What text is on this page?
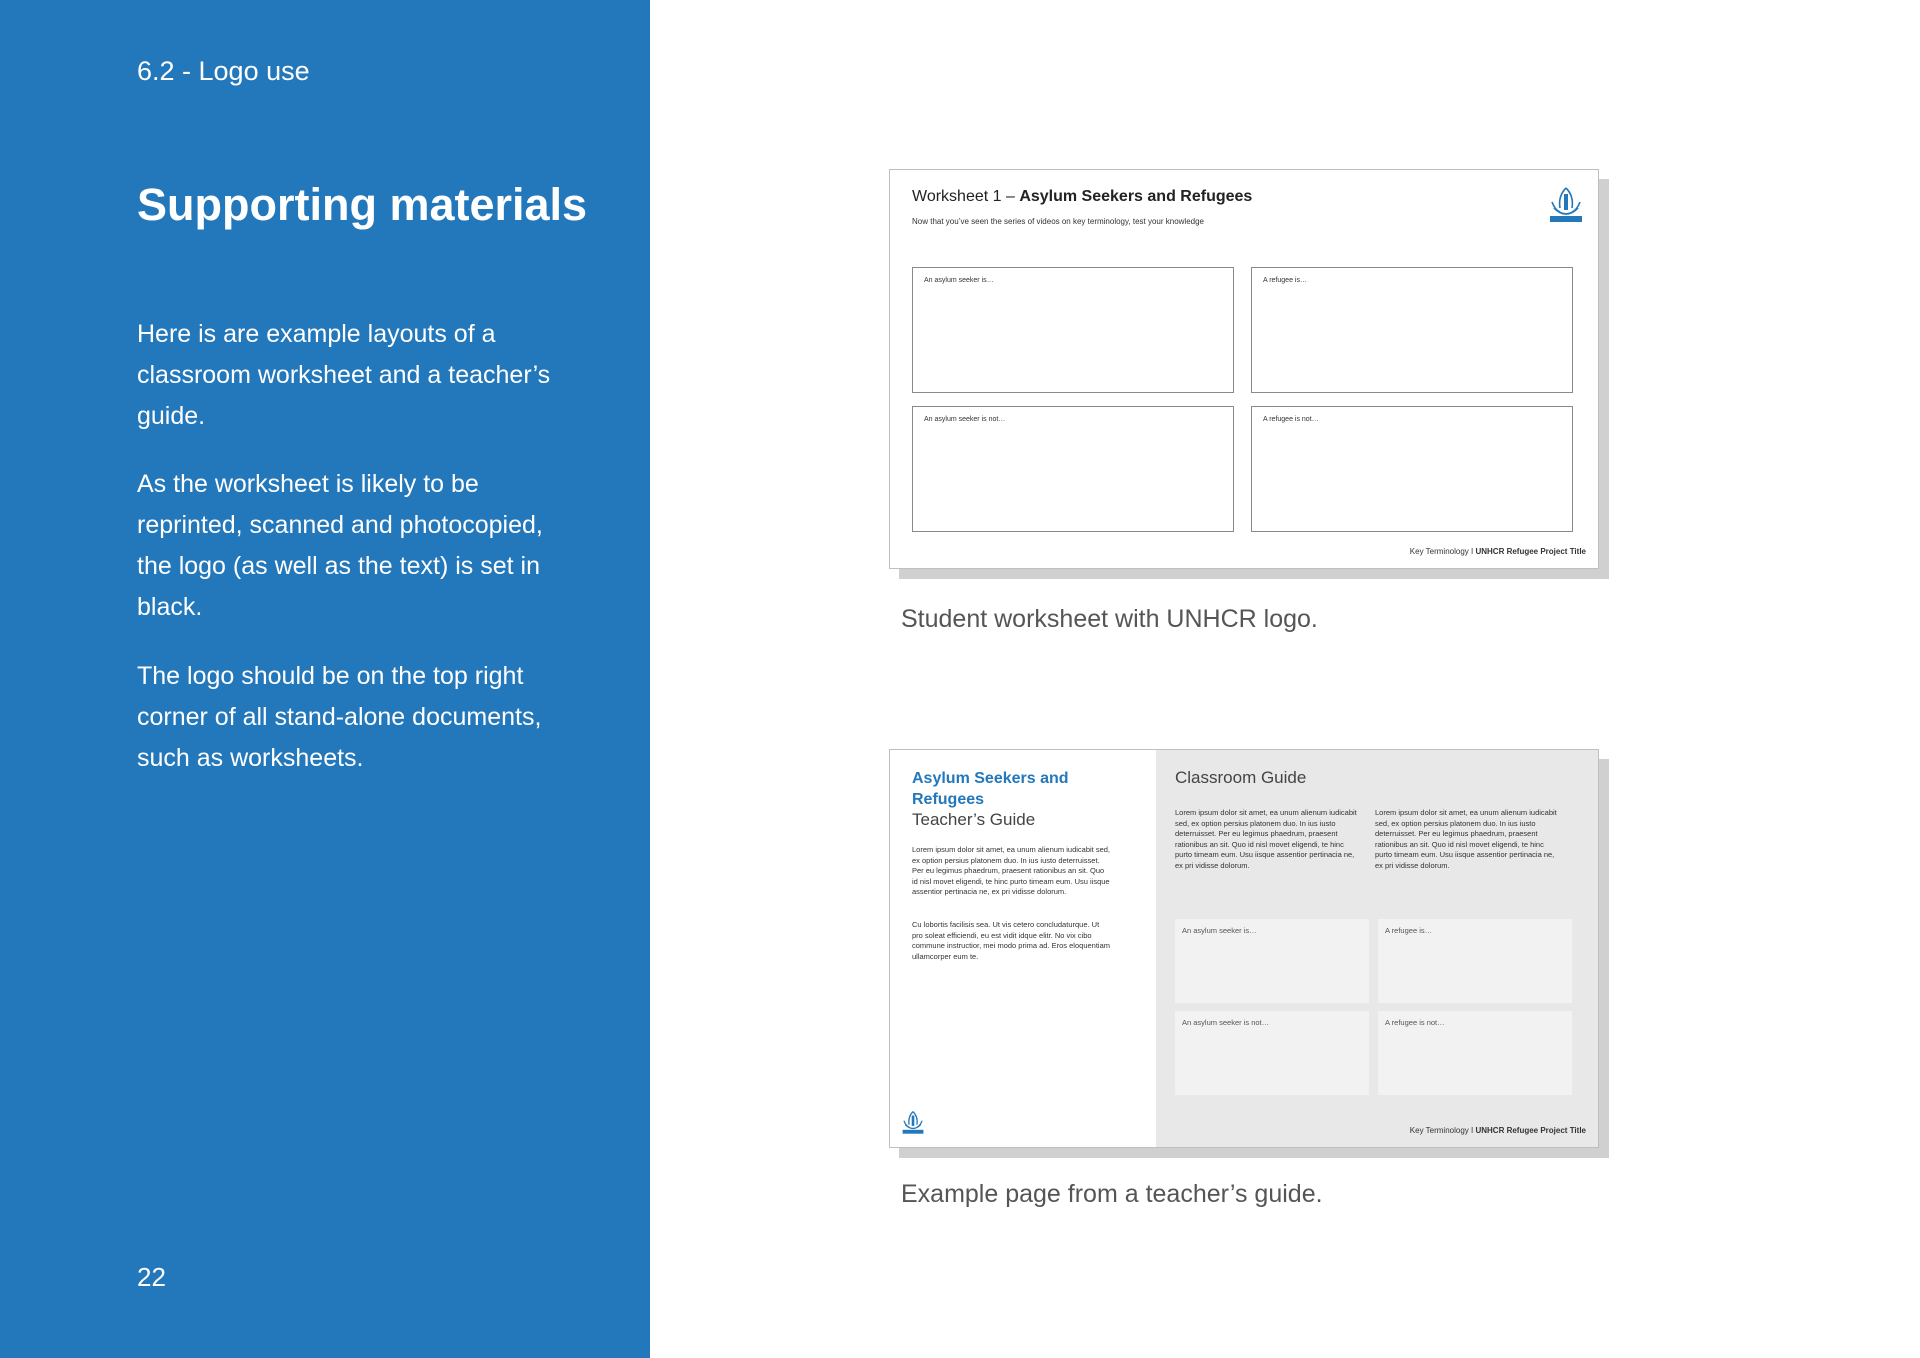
6.2 - Logo use
Supporting materials

Here is are example layouts of a classroom worksheet and a teacher’s guide.

As the worksheet is likely to be reprinted, scanned and photocopied, the logo (as well as the text) is set in black.

The logo should be on the top right corner of all stand-alone documents, such as worksheets.

22
Worksheet 1 – Asylum Seekers and Refugees
Now that you’ve seen the series of videos on key terminology, test your knowledge
An asylum seeker is…	A refugee is…
An asylum seeker is not…	A refugee is not…
Key Terminology I UNHCR Refugee Project Title
Student worksheet with UNHCR logo.
Asylum Seekers and Refugees
Teacher’s Guide

Lorem ipsum dolor sit amet, ea unum alienum iudicabit sed, ex option persius platonem duo. In ius iusto deterruisset. Per eu legimus phaedrum, praesent rationibus an sit. Quo id nisl movet eligendi, te hinc purto timeam eum. Usu iisque assentior pertinacia ne, ex pri vidisse dolorum.

Cu lobortis facilisis sea. Ut vis cetero concludaturque. Ut pro soleat efficiendi, eu est vidit idque elitr. No vix cibo commune instructior, mei modo prima ad. Eros eloquentiam ullamcorper eum te.

Classroom Guide

Lorem ipsum dolor sit amet, ea unum alienum iudicabit sed, ex option persius platonem duo. In ius iusto deterruisset. Per eu legimus phaedrum, praesent rationibus an sit. Quo id nisl movet eligendi, te hinc purto timeam eum. Usu iisque assentior pertinacia ne, ex pri vidisse dolorum.

Lorem ipsum dolor sit amet, ea unum alienum iudicabit sed, ex option persius platonem duo. In ius iusto deterruisset. Per eu legimus phaedrum, praesent rationibus an sit. Quo id nisl movet eligendi, te hinc purto timeam eum. Usu iisque assentior pertinacia ne, ex pri vidisse dolorum.

An asylum seeker is…	A refugee is…
An asylum seeker is not…	A refugee is not…
Key Terminology I UNHCR Refugee Project Title
Example page from a teacher’s guide.
